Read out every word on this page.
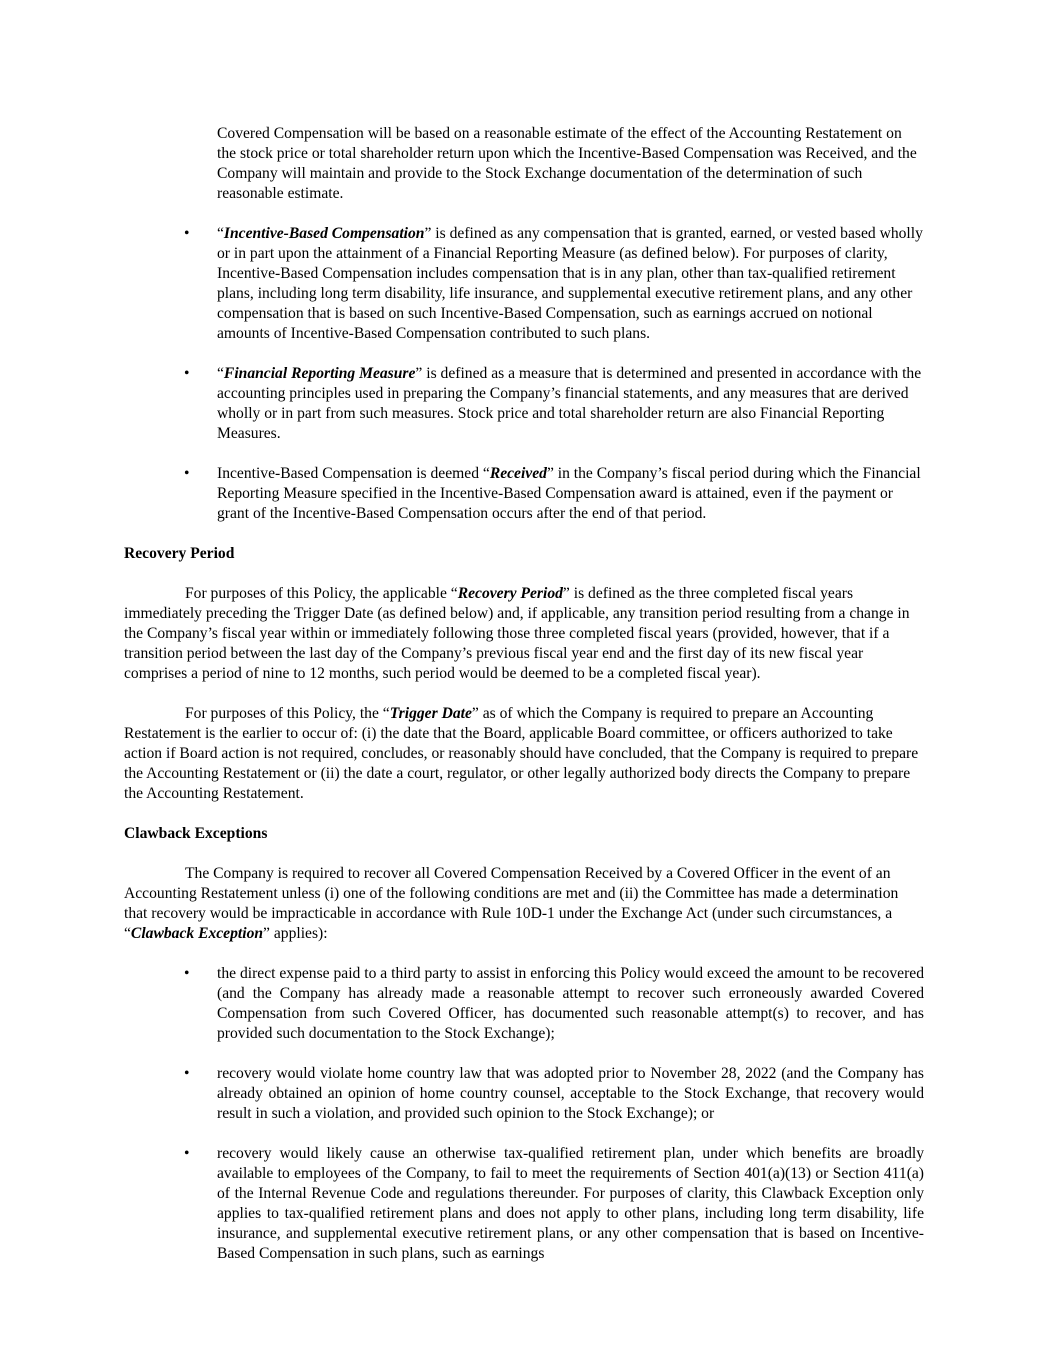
Covered Compensation will be based on a reasonable estimate of the effect of the Accounting Restatement on the stock price or total shareholder return upon which the Incentive-Based Compensation was Received, and the Company will maintain and provide to the Stock Exchange documentation of the determination of such reasonable estimate.

• “Incentive-Based Compensation” is defined as any compensation that is granted, earned, or vested based wholly or in part upon the attainment of a Financial Reporting Measure (as defined below). For purposes of clarity, Incentive-Based Compensation includes compensation that is in any plan, other than tax-qualified retirement plans, including long term disability, life insurance, and supplemental executive retirement plans, and any other compensation that is based on such Incentive-Based Compensation, such as earnings accrued on notional amounts of Incentive-Based Compensation contributed to such plans.
• “Financial Reporting Measure” is defined as a measure that is determined and presented in accordance with the accounting principles used in preparing the Company’s financial statements, and any measures that are derived wholly or in part from such measures. Stock price and total shareholder return are also Financial Reporting Measures.
• Incentive-Based Compensation is deemed “Received” in the Company’s fiscal period during which the Financial Reporting Measure specified in the Incentive-Based Compensation award is attained, even if the payment or grant of the Incentive-Based Compensation occurs after the end of that period.

Recovery Period

For purposes of this Policy, the applicable “Recovery Period” is defined as the three completed fiscal years immediately preceding the Trigger Date (as defined below) and, if applicable, any transition period resulting from a change in the Company’s fiscal year within or immediately following those three completed fiscal years (provided, however, that if a transition period between the last day of the Company’s previous fiscal year end and the first day of its new fiscal year comprises a period of nine to 12 months, such period would be deemed to be a completed fiscal year).

For purposes of this Policy, the “Trigger Date” as of which the Company is required to prepare an Accounting Restatement is the earlier to occur of: (i) the date that the Board, applicable Board committee, or officers authorized to take action if Board action is not required, concludes, or reasonably should have concluded, that the Company is required to prepare the Accounting Restatement or (ii) the date a court, regulator, or other legally authorized body directs the Company to prepare the Accounting Restatement.

Clawback Exceptions

The Company is required to recover all Covered Compensation Received by a Covered Officer in the event of an Accounting Restatement unless (i) one of the following conditions are met and (ii) the Committee has made a determination that recovery would be impracticable in accordance with Rule 10D-1 under the Exchange Act (under such circumstances, a “Clawback Exception” applies):

• the direct expense paid to a third party to assist in enforcing this Policy would exceed the amount to be recovered (and the Company has already made a reasonable attempt to recover such erroneously awarded Covered Compensation from such Covered Officer, has documented such reasonable attempt(s) to recover, and has provided such documentation to the Stock Exchange);
• recovery would violate home country law that was adopted prior to November 28, 2022 (and the Company has already obtained an opinion of home country counsel, acceptable to the Stock Exchange, that recovery would result in such a violation, and provided such opinion to the Stock Exchange); or
• recovery would likely cause an otherwise tax-qualified retirement plan, under which benefits are broadly available to employees of the Company, to fail to meet the requirements of Section 401(a)(13) or Section 411(a) of the Internal Revenue Code and regulations thereunder. For purposes of clarity, this Clawback Exception only applies to tax-qualified retirement plans and does not apply to other plans, including long term disability, life insurance, and supplemental executive retirement plans, or any other compensation that is based on Incentive-Based Compensation in such plans, such as earnings
